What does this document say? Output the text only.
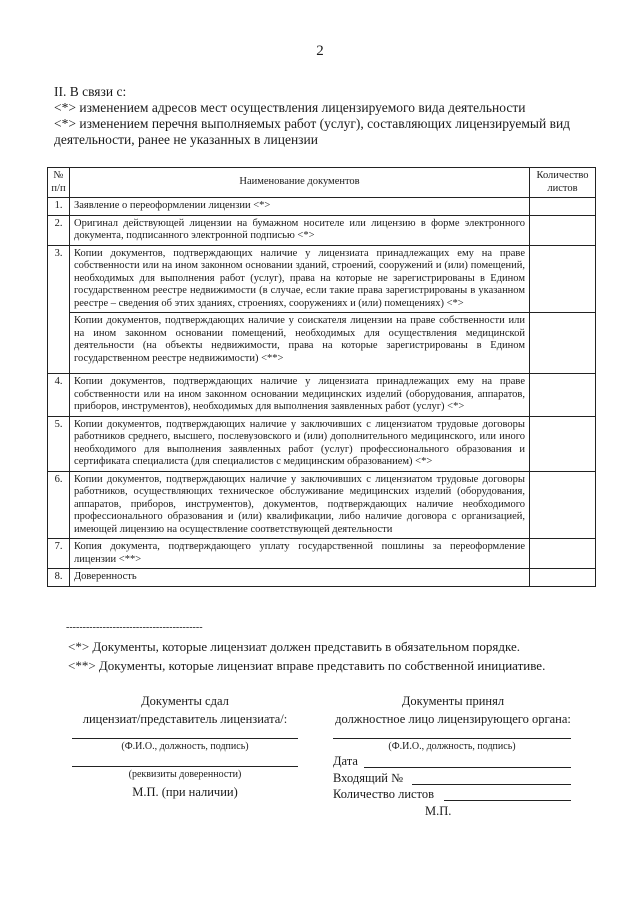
2

II. В связи с:

<*> изменением адресов мест осуществления лицензируемого вида деятельности

<*> изменением перечня выполняемых работ (услуг), составляющих лицензируемый вид

деятельности, ранее не указанных в лицензии

№ п/п	Наименование документов	Количество листов
1.	Заявление о переоформлении лицензии <*>	
2.	Оригинал действующей лицензии на бумажном носителе или лицензию в форме электронного документа, подписанного электронной подписью <*>	
3.	Копии документов, подтверждающих наличие у лицензиата принадлежащих ему на праве собственности или на ином законном основании зданий, строений, сооружений и (или) помещений, необходимых для выполнения работ (услуг), права на которые не зарегистрированы в Едином государственном реестре недвижимости (в случае, если такие права зарегистрированы в указанном реестре – сведения об этих зданиях, строениях, сооружениях и (или) помещениях) <*>	
	Копии документов, подтверждающих наличие у соискателя лицензии на праве собственности или на ином законном основании помещений, необходимых для осуществления медицинской деятельности (на объекты недвижимости, права на которые зарегистрированы в Едином государственном реестре недвижимости) <**>	
4.	Копии документов, подтверждающих наличие у лицензиата принадлежащих ему на праве собственности или на ином законном основании медицинских изделий (оборудования, аппаратов, приборов, инструментов), необходимых для выполнения заявленных работ (услуг) <*>	
5.	Копии документов, подтверждающих наличие у заключивших с лицензиатом трудовые договоры работников среднего, высшего, послевузовского и (или) дополнительного медицинского, или иного необходимого для выполнения заявленных работ (услуг) профессионального образования и сертификата специалиста (для специалистов с медицинским образованием) <*>	
6.	Копии документов, подтверждающих наличие у заключивших с лицензиатом трудовые договоры работников, осуществляющих техническое обслуживание медицинских изделий (оборудования, аппаратов, приборов, инструментов), документов, подтверждающих наличие необходимого профессионального образования и (или) квалификации, либо наличие договора с организацией, имеющей лицензию на осуществление соответствующей деятельности	
7.	Копия документа, подтверждающего уплату государственной пошлины за переоформление лицензии <**>	
8.	Доверенность	
-----------------------------------------

<*> Документы, которые лицензиат должен представить в обязательном порядке.

<**> Документы, которые лицензиат вправе представить по собственной инициативе.

Документы сдал
лицензиат/представитель лицензиата/:
(Ф.И.О., должность, подпись)
(реквизиты доверенности)
М.П. (при наличии)
Документы принял
должностное лицо лицензирующего органа:
(Ф.И.О., должность, подпись)
Дата
Входящий №
Количество листов
М.П.
